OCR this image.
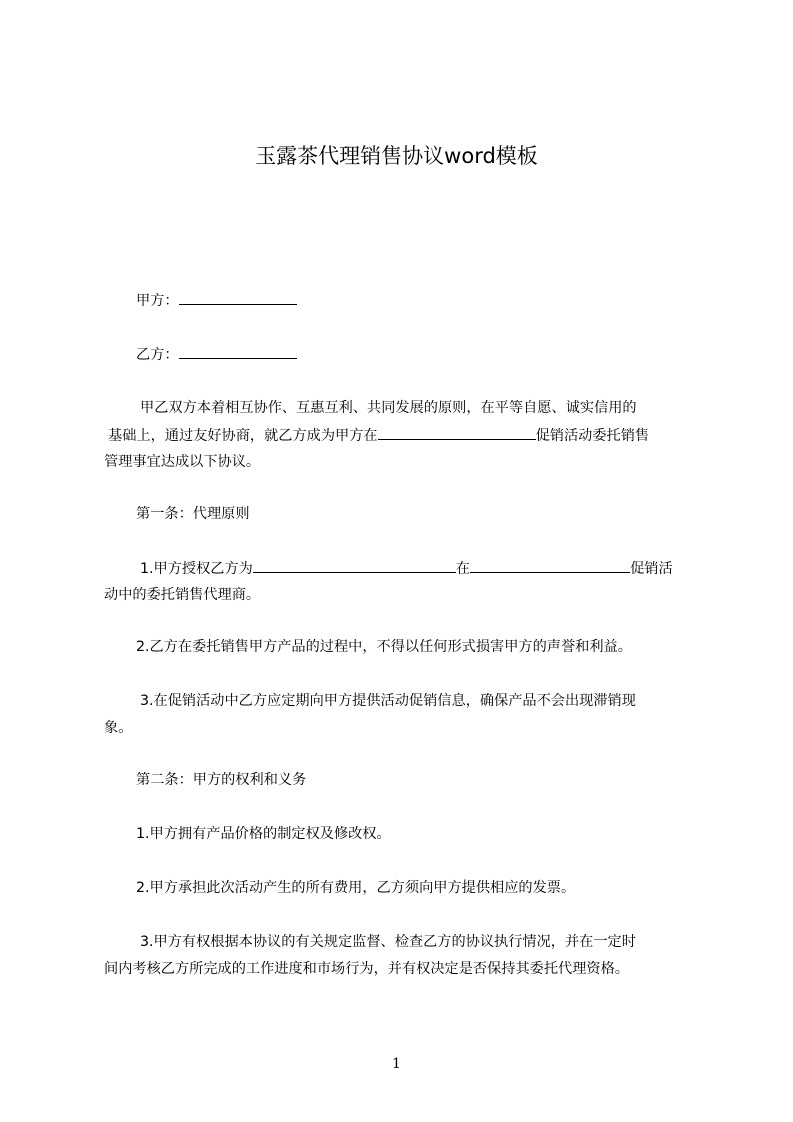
玉露茶代理销售协议word模板

甲方：

乙方：

甲乙双方本着相互协作、互惠互利、共同发展的原则，在平等自愿、诚实信用的

基础上，通过友好协商，就乙方成为甲方在	促销活动委托销售

管理事宜达成以下协议。

第一条：代理原则

1.甲方授权乙方为	在	促销活

动中的委托销售代理商。

2.乙方在委托销售甲方产品的过程中，不得以任何形式损害甲方的声誉和利益。

3.在促销活动中乙方应定期向甲方提供活动促销信息，确保产品不会出现滞销现

象。

第二条：甲方的权利和义务

1.甲方拥有产品价格的制定权及修改权。

2.甲方承担此次活动产生的所有费用，乙方须向甲方提供相应的发票。

3.甲方有权根据本协议的有关规定监督、检查乙方的协议执行情况，并在一定时

间内考核乙方所完成的工作进度和市场行为，并有权决定是否保持其委托代理资格。

1
